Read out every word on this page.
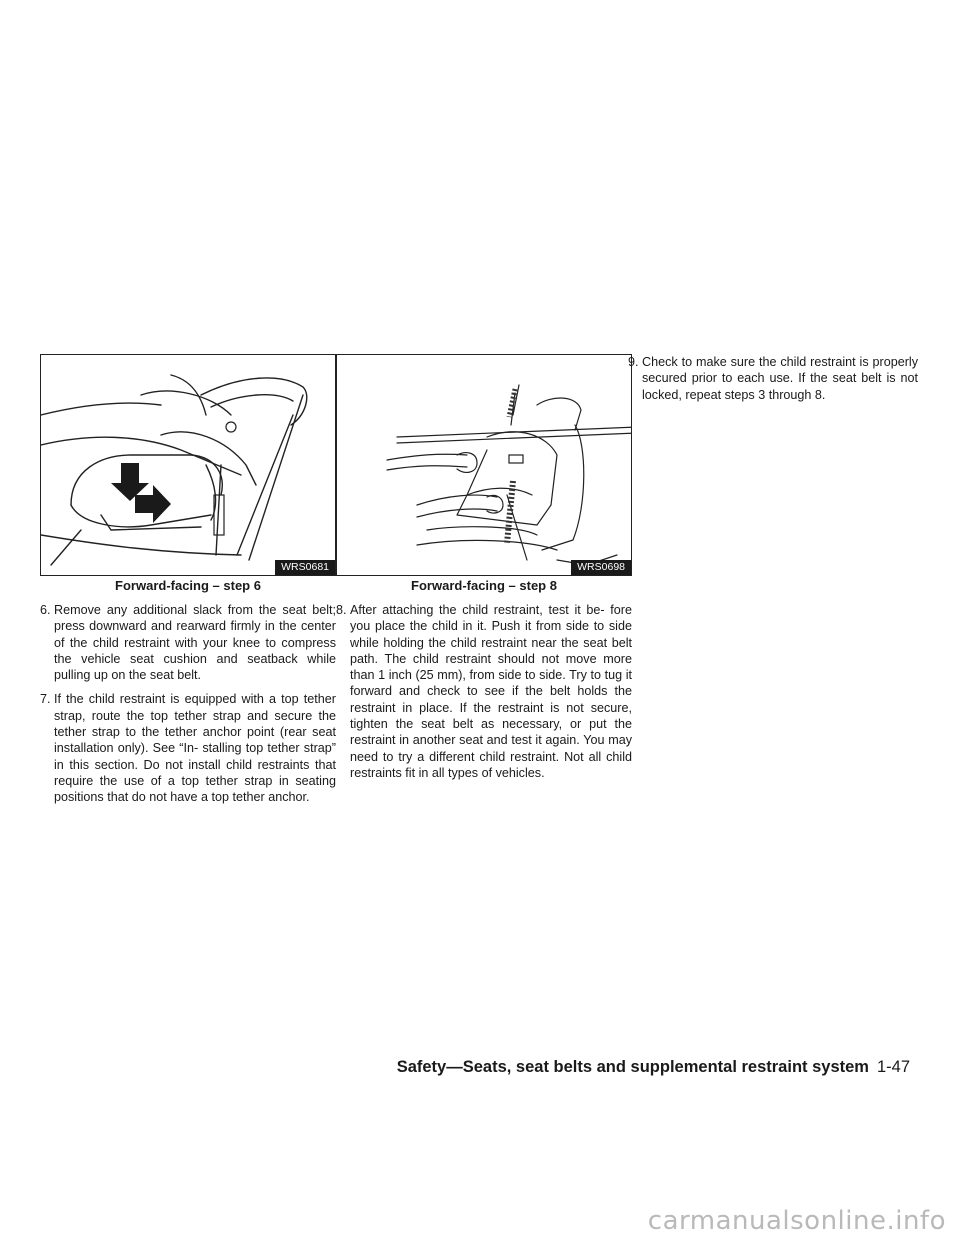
WRS0681
Forward-facing – step 6

6. Remove any additional slack from the seat belt; press downward and rearward firmly in the center of the child restraint with your knee to compress the vehicle seat cushion and seatback while pulling up on the seat belt.

7. If the child restraint is equipped with a top tether strap, route the top tether strap and secure the tether strap to the tether anchor point (rear seat installation only). See “In- stalling top tether strap” in this section. Do not install child restraints that require the use of a top tether strap in seating positions that do not have a top tether anchor.

WRS0698
Forward-facing – step 8

8. After attaching the child restraint, test it be- fore you place the child in it. Push it from side to side while holding the child restraint near the seat belt path. The child restraint should not move more than 1 inch (25 mm), from side to side. Try to tug it forward and check to see if the belt holds the restraint in place. If the restraint is not secure, tighten the seat belt as necessary, or put the restraint in another seat and test it again. You may need to try a different child restraint. Not all child restraints fit in all types of vehicles.

9. Check to make sure the child restraint is properly secured prior to each use. If the seat belt is not locked, repeat steps 3 through 8.

Safety—Seats, seat belts and supplemental restraint system 1-47
carmanualsonline.info
